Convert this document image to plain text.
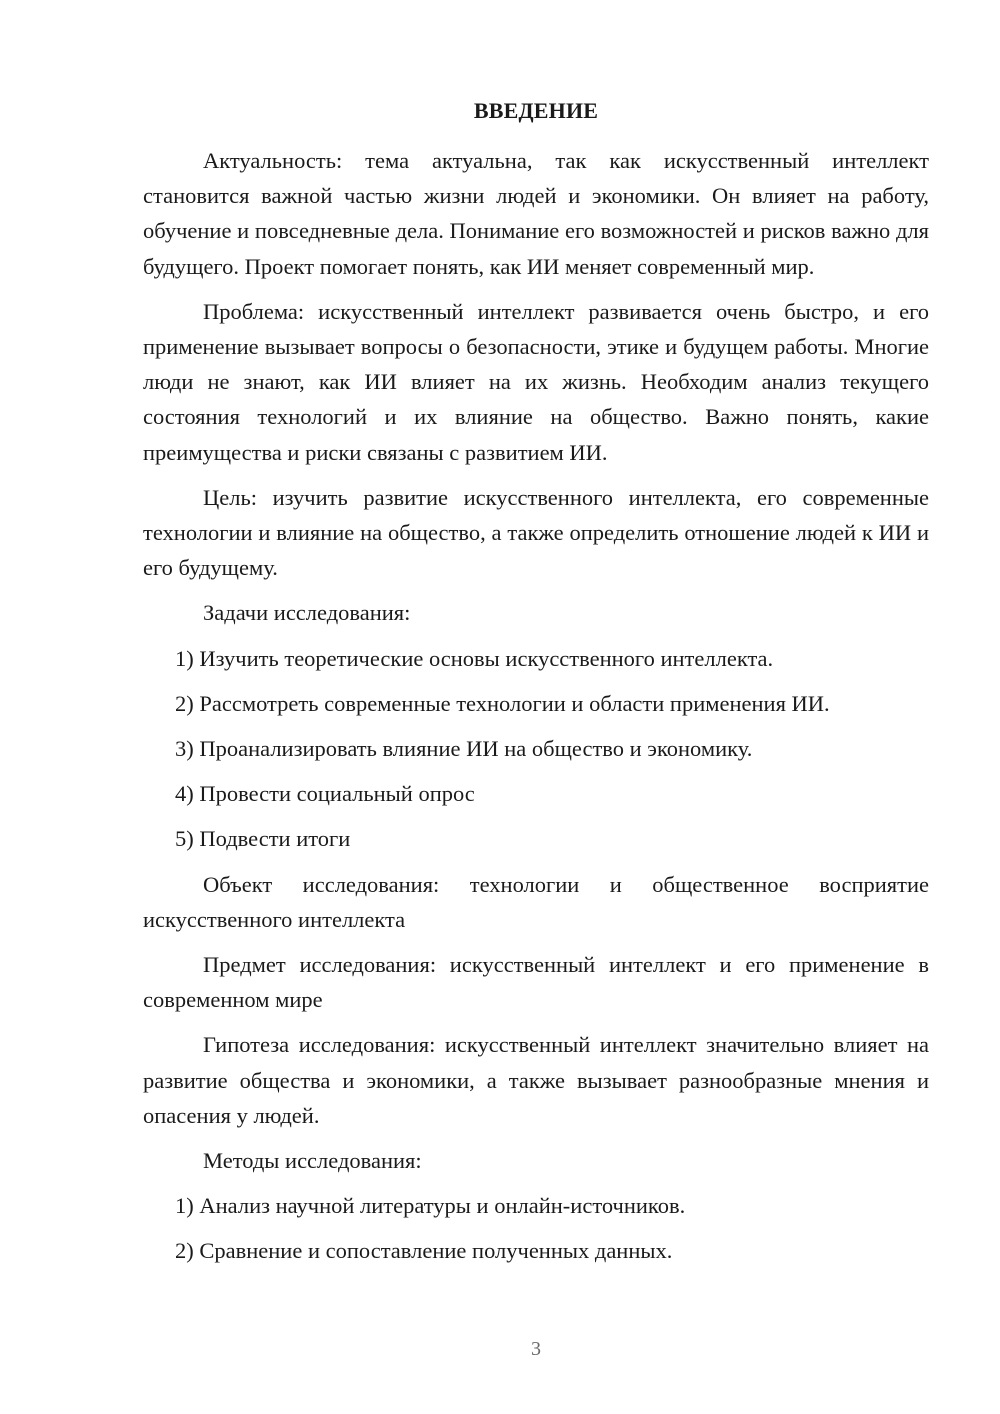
ВВЕДЕНИЕ

Актуальность: тема актуальна, так как искусственный интеллект становится важной частью жизни людей и экономики. Он влияет на работу, обучение и повседневные дела. Понимание его возможностей и рисков важно для будущего. Проект помогает понять, как ИИ меняет современный мир.

Проблема: искусственный интеллект развивается очень быстро, и его применение вызывает вопросы о безопасности, этике и будущем работы. Многие люди не знают, как ИИ влияет на их жизнь. Необходим анализ текущего состояния технологий и их влияние на общество. Важно понять, какие преимущества и риски связаны с развитием ИИ.

Цель: изучить развитие искусственного интеллекта, его современные технологии и влияние на общество, а также определить отношение людей к ИИ и его будущему.

Задачи исследования:

1) Изучить теоретические основы искусственного интеллекта.

2) Рассмотреть современные технологии и области применения ИИ.

3) Проанализировать влияние ИИ на общество и экономику.

4) Провести социальный опрос

5) Подвести итоги

Объект исследования: технологии и общественное восприятие искусственного интеллекта

Предмет исследования: искусственный интеллект и его применение в современном мире

Гипотеза исследования: искусственный интеллект значительно влияет на развитие общества и экономики, а также вызывает разнообразные мнения и опасения у людей.

Методы исследования:

1) Анализ научной литературы и онлайн-источников.

2) Сравнение и сопоставление полученных данных.

3
